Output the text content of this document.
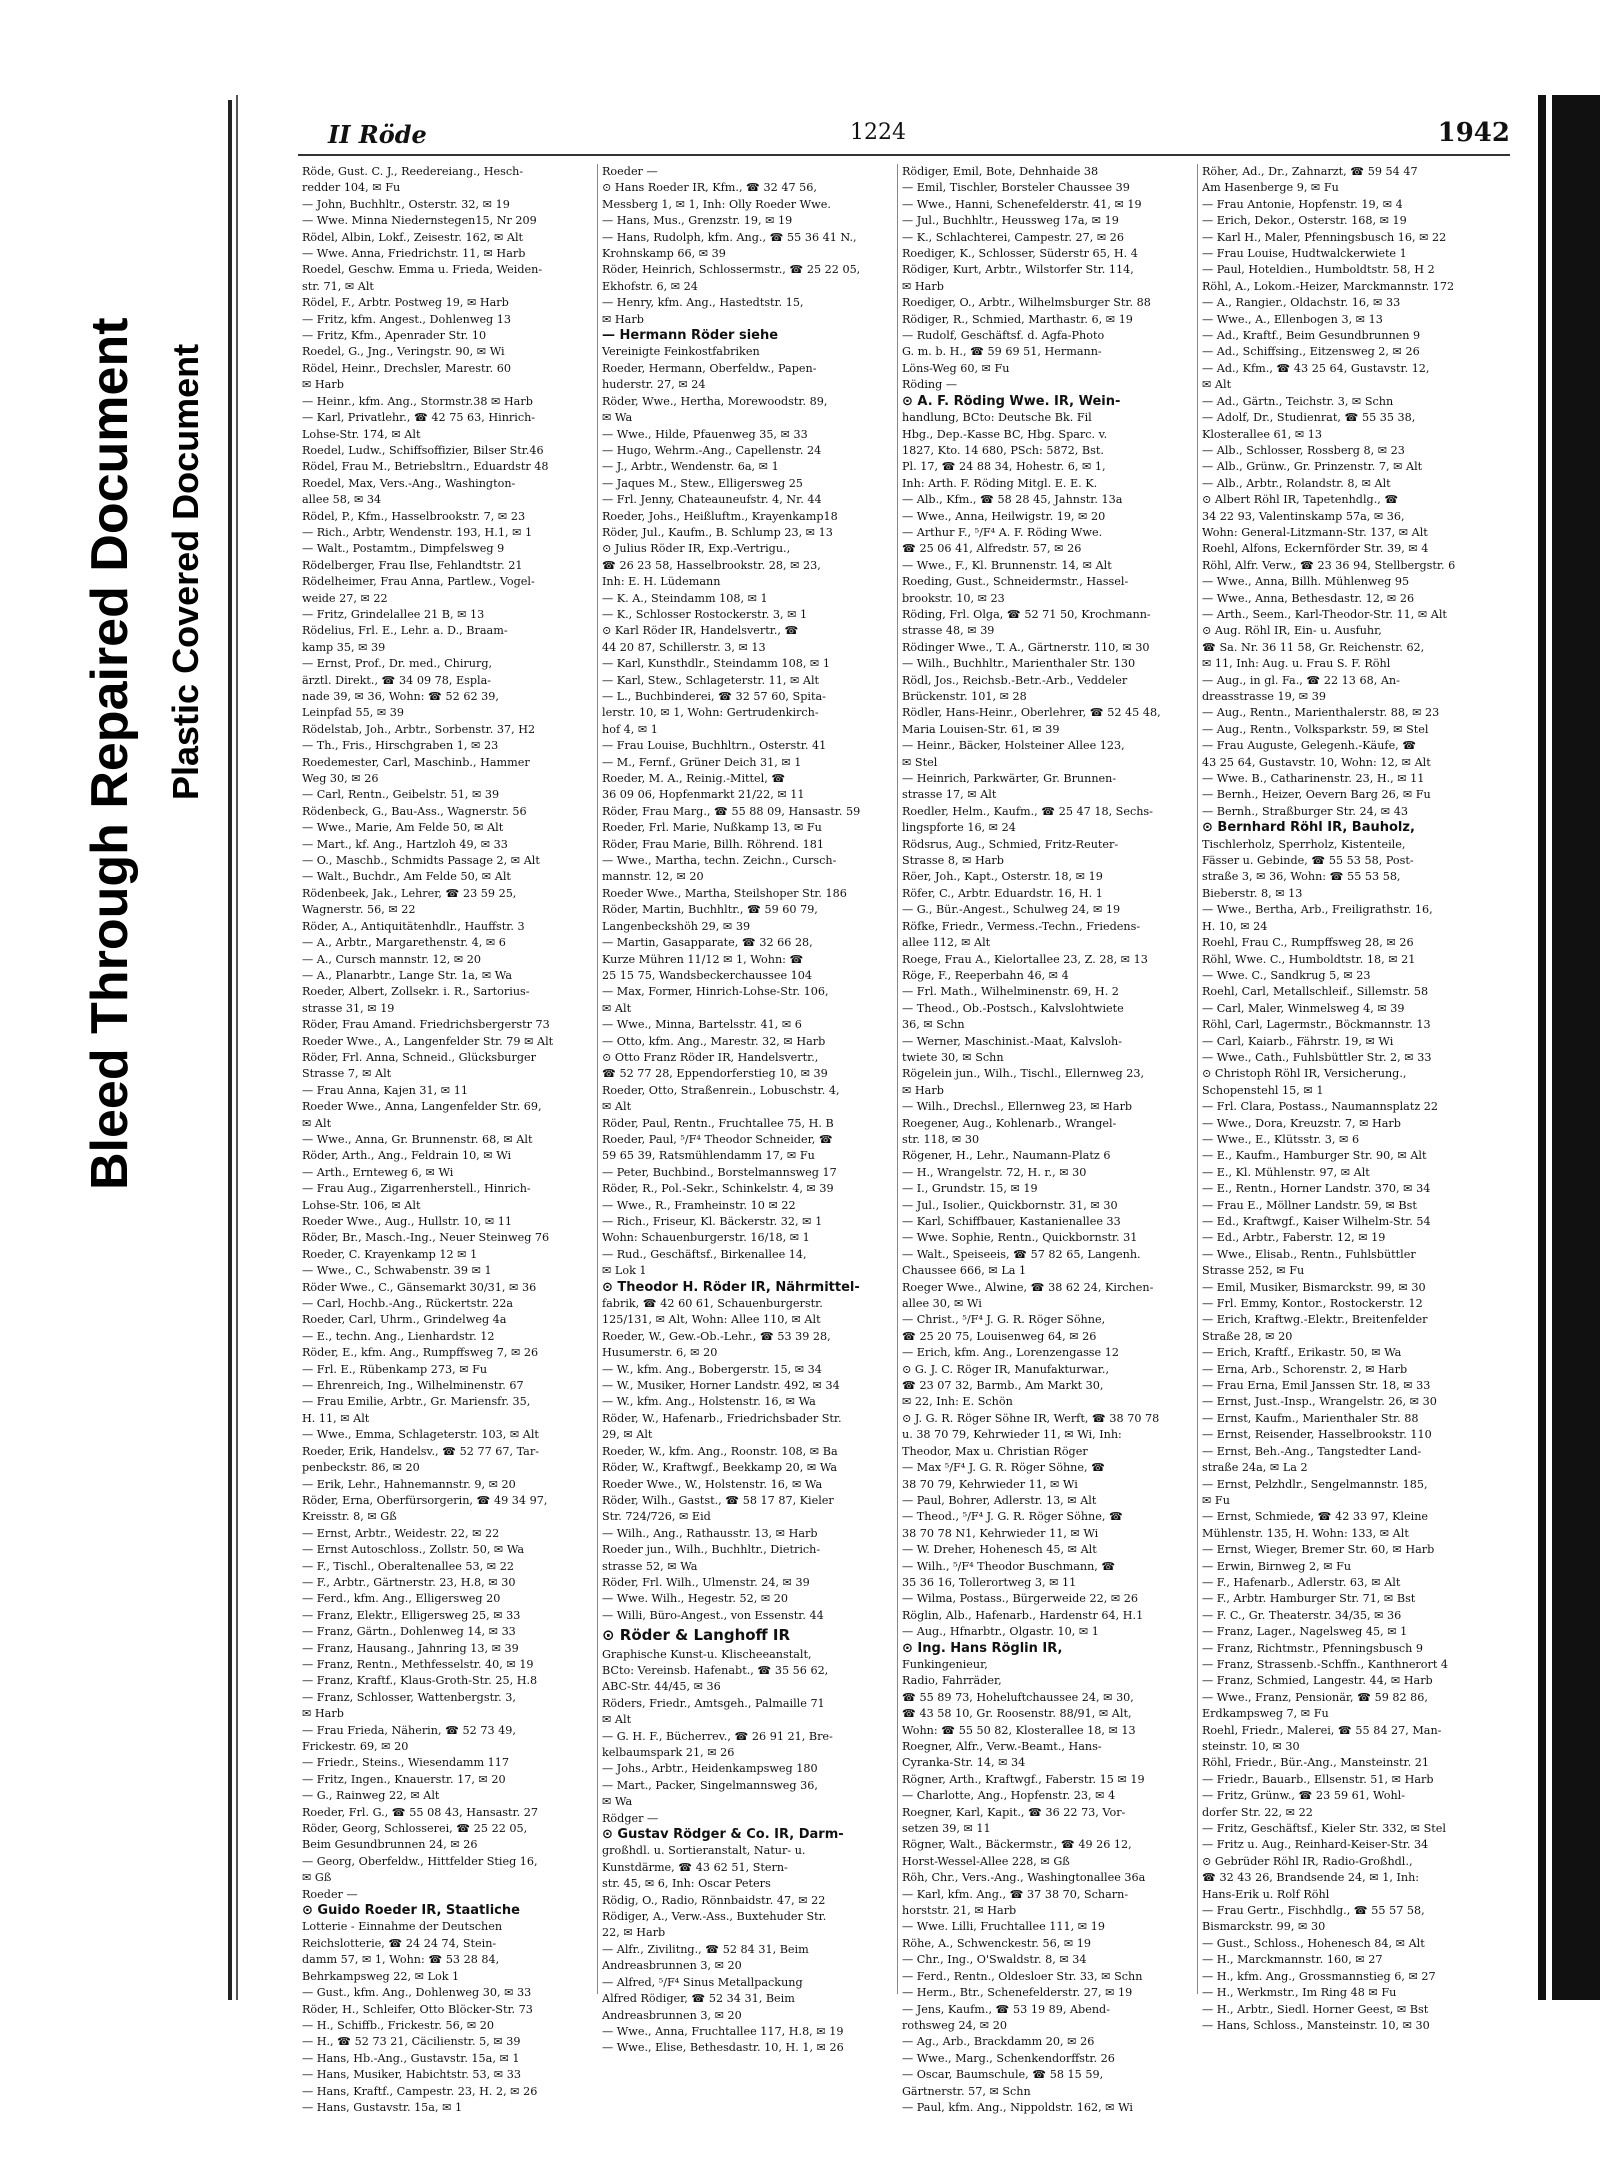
Bleed Through Repaired Document Plastic Covered Document
II Röde	1224	1942
Röde, Gust. C. J., Reedereiang., Hesch-
redder 104, ✉ Fu
— John, Buchhltr., Osterstr. 32, ✉ 19
— Wwe. Minna Niedernstegen15, Nr 209
Rödel, Albin, Lokf., Zeisestr. 162, ✉ Alt
— Wwe. Anna, Friedrichstr. 11, ✉ Harb
Roedel, Geschw. Emma u. Frieda, Weiden-
str. 71, ✉ Alt
Rödel, F., Arbtr. Postweg 19, ✉ Harb
— Fritz, kfm. Angest., Dohlenweg 13
— Fritz, Kfm., Apenrader Str. 10
Roedel, G., Jng., Veringstr. 90, ✉ Wi
Rödel, Heinr., Drechsler, Marestr. 60
✉ Harb
— Heinr., kfm. Ang., Stormstr.38 ✉ Harb
— Karl, Privatlehr., ☎ 42 75 63, Hinrich-
Lohse-Str. 174, ✉ Alt
Roedel, Ludw., Schiffsoffizier, Bilser Str.46
Rödel, Frau M., Betriebsltrn., Eduardstr 48
Roedel, Max, Vers.-Ang., Washington-
allee 58, ✉ 34
Rödel, P., Kfm., Hasselbrookstr. 7, ✉ 23
— Rich., Arbtr, Wendenstr. 193, H.1, ✉ 1
— Walt., Postamtm., Dimpfelsweg 9
Rödelberger, Frau Ilse, Fehlandtstr. 21
Rödelheimer, Frau Anna, Partlew., Vogel-
weide 27, ✉ 22
— Fritz, Grindelallee 21 B, ✉ 13
Rödelius, Frl. E., Lehr. a. D., Braam-
kamp 35, ✉ 39
— Ernst, Prof., Dr. med., Chirurg,
ärztl. Direkt., ☎ 34 09 78, Espla-
nade 39, ✉ 36, Wohn: ☎ 52 62 39,
Leinpfad 55, ✉ 39
Rödelstab, Joh., Arbtr., Sorbenstr. 37, H2
— Th., Fris., Hirschgraben 1, ✉ 23
Roedemester, Carl, Maschinb., Hammer
Weg 30, ✉ 26
— Carl, Rentn., Geibelstr. 51, ✉ 39
Rödenbeck, G., Bau-Ass., Wagnerstr. 56
— Wwe., Marie, Am Felde 50, ✉ Alt
— Mart., kf. Ang., Hartzloh 49, ✉ 33
— O., Maschb., Schmidts Passage 2, ✉ Alt
— Walt., Buchdr., Am Felde 50, ✉ Alt
Rödenbeek, Jak., Lehrer, ☎ 23 59 25,
Wagnerstr. 56, ✉ 22
Röder, A., Antiquitätenhdlr., Hauffstr. 3
— A., Arbtr., Margarethenstr. 4, ✉ 6
— A., Cursch mannstr. 12, ✉ 20
— A., Planarbtr., Lange Str. 1a, ✉ Wa
Roeder, Albert, Zollsekr. i. R., Sartorius-
strasse 31, ✉ 19
Röder, Frau Amand. Friedrichsbergerstr 73
Roeder Wwe., A., Langenfelder Str. 79 ✉ Alt
Röder, Frl. Anna, Schneid., Glücksburger
Strasse 7, ✉ Alt
— Frau Anna, Kajen 31, ✉ 11
Roeder Wwe., Anna, Langenfelder Str. 69,
✉ Alt
— Wwe., Anna, Gr. Brunnenstr. 68, ✉ Alt
Röder, Arth., Ang., Feldrain 10, ✉ Wi
— Arth., Ernteweg 6, ✉ Wi
— Frau Aug., Zigarrenherstell., Hinrich-
Lohse-Str. 106, ✉ Alt
Roeder Wwe., Aug., Hullstr. 10, ✉ 11
Röder, Br., Masch.-Ing., Neuer Steinweg 76
Roeder, C. Krayenkamp 12 ✉ 1
— Wwe., C., Schwabenstr. 39 ✉ 1
Röder Wwe., C., Gänsemarkt 30/31, ✉ 36
— Carl, Hochb.-Ang., Rückertstr. 22a
Roeder, Carl, Uhrm., Grindelweg 4a
— E., techn. Ang., Lienhardstr. 12
Röder, E., kfm. Ang., Rumpffsweg 7, ✉ 26
— Frl. E., Rübenkamp 273, ✉ Fu
— Ehrenreich, Ing., Wilhelminenstr. 67
— Frau Emilie, Arbtr., Gr. Mariensfr. 35,
H. 11, ✉ Alt
— Wwe., Emma, Schlageterstr. 103, ✉ Alt
Roeder, Erik, Handelsv., ☎ 52 77 67, Tar-
penbeckstr. 86, ✉ 20
— Erik, Lehr., Hahnemannstr. 9, ✉ 20
Röder, Erna, Oberfürsorgerin, ☎ 49 34 97,
Kreisstr. 8, ✉ Gß
— Ernst, Arbtr., Weidestr. 22, ✉ 22
— Ernst Autoschloss., Zollstr. 50, ✉ Wa
— F., Tischl., Oberaltenallee 53, ✉ 22
— F., Arbtr., Gärtnerstr. 23, H.8, ✉ 30
— Ferd., kfm. Ang., Elligersweg 20
— Franz, Elektr., Elligersweg 25, ✉ 33
— Franz, Gärtn., Dohlenweg 14, ✉ 33
— Franz, Hausang., Jahnring 13, ✉ 39
— Franz, Rentn., Methfesselstr. 40, ✉ 19
— Franz, Kraftf., Klaus-Groth-Str. 25, H.8
— Franz, Schlosser, Wattenbergstr. 3,
✉ Harb
— Frau Frieda, Näherin, ☎ 52 73 49,
Frickestr. 69, ✉ 20
— Friedr., Steins., Wiesendamm 117
— Fritz, Ingen., Knauerstr. 17, ✉ 20
— G., Rainweg 22, ✉ Alt
Roeder, Frl. G., ☎ 55 08 43, Hansastr. 27
Röder, Georg, Schlosserei, ☎ 25 22 05,
Beim Gesundbrunnen 24, ✉ 26
— Georg, Oberfeldw., Hittfelder Stieg 16,
✉ Gß
Roeder —
⊙ Guido Roeder IR, Staatliche
Lotterie - Einnahme der Deutschen
Reichslotterie, ☎ 24 24 74, Stein-
damm 57, ✉ 1, Wohn: ☎ 53 28 84,
Behrkampsweg 22, ✉ Lok 1
— Gust., kfm. Ang., Dohlenweg 30, ✉ 33
Röder, H., Schleifer, Otto Blöcker-Str. 73
— H., Schiffb., Frickestr. 56, ✉ 20
— H., ☎ 52 73 21, Cäcilienstr. 5, ✉ 39
— Hans, Hb.-Ang., Gustavstr. 15a, ✉ 1
— Hans, Musiker, Habichtstr. 53, ✉ 33
— Hans, Kraftf., Campestr. 23, H. 2, ✉ 26
— Hans, Gustavstr. 15a, ✉ 1
Roeder —
⊙ Hans Roeder IR, Kfm., ☎ 32 47 56,
Messberg 1, ✉ 1, Inh: Olly Roeder Wwe.
— Hans, Mus., Grenzstr. 19, ✉ 19
— Hans, Rudolph, kfm. Ang., ☎ 55 36 41 N.,
Krohnskamp 66, ✉ 39
Röder, Heinrich, Schlossermstr., ☎ 25 22 05,
Ekhofstr. 6, ✉ 24
— Henry, kfm. Ang., Hastedtstr. 15,
✉ Harb
— Hermann Röder siehe
Vereinigte Feinkostfabriken
Roeder, Hermann, Oberfeldw., Papen-
huderstr. 27, ✉ 24
Röder, Wwe., Hertha, Morewoodstr. 89,
✉ Wa
— Wwe., Hilde, Pfauenweg 35, ✉ 33
— Hugo, Wehrm.-Ang., Capellenstr. 24
— J., Arbtr., Wendenstr. 6a, ✉ 1
— Jaques M., Stew., Elligersweg 25
— Frl. Jenny, Chateauneufstr. 4, Nr. 44
Roeder, Johs., Heißluftm., Krayenkamp18
Röder, Jul., Kaufm., B. Schlump 23, ✉ 13
⊙ Julius Röder IR, Exp.-Vertrigu.,
☎ 26 23 58, Hasselbrookstr. 28, ✉ 23,
Inh: E. H. Lüdemann
— K. A., Steindamm 108, ✉ 1
— K., Schlosser Rostockerstr. 3, ✉ 1
⊙ Karl Röder IR, Handelsvertr., ☎
44 20 87, Schillerstr. 3, ✉ 13
— Karl, Kunsthdlr., Steindamm 108, ✉ 1
— Karl, Stew., Schlageterstr. 11, ✉ Alt
— L., Buchbinderei, ☎ 32 57 60, Spita-
lerstr. 10, ✉ 1, Wohn: Gertrudenkirch-
hof 4, ✉ 1
— Frau Louise, Buchhltrn., Osterstr. 41
— M., Fernf., Grüner Deich 31, ✉ 1
Roeder, M. A., Reinig.-Mittel, ☎
36 09 06, Hopfenmarkt 21/22, ✉ 11
Röder, Frau Marg., ☎ 55 88 09, Hansastr. 59
Roeder, Frl. Marie, Nußkamp 13, ✉ Fu
Röder, Frau Marie, Billh. Röhrend. 181
— Wwe., Martha, techn. Zeichn., Cursch-
mannstr. 12, ✉ 20
Roeder Wwe., Martha, Steilshoper Str. 186
Röder, Martin, Buchhltr., ☎ 59 60 79,
Langenbeckshöh 29, ✉ 39
— Martin, Gasapparate, ☎ 32 66 28,
Kurze Mühren 11/12 ✉ 1, Wohn: ☎
25 15 75, Wandsbeckerchaussee 104
— Max, Former, Hinrich-Lohse-Str. 106,
✉ Alt
— Wwe., Minna, Bartelsstr. 41, ✉ 6
— Otto, kfm. Ang., Marestr. 32, ✉ Harb
⊙ Otto Franz Röder IR, Handelsvertr.,
☎ 52 77 28, Eppendorferstieg 10, ✉ 39
Roeder, Otto, Straßenrein., Lobuschstr. 4,
✉ Alt
Röder, Paul, Rentn., Fruchtallee 75, H. B
Roeder, Paul, ⁵/F⁴ Theodor Schneider, ☎
59 65 39, Ratsmühlendamm 17, ✉ Fu
— Peter, Buchbind., Borstelmannsweg 17
Röder, R., Pol.-Sekr., Schinkelstr. 4, ✉ 39
— Wwe., R., Framheinstr. 10 ✉ 22
— Rich., Friseur, Kl. Bäckerstr. 32, ✉ 1
Wohn: Schauenburgerstr. 16/18, ✉ 1
— Rud., Geschäftsf., Birkenallee 14,
✉ Lok 1
⊙ Theodor H. Röder IR, Nährmittel-
fabrik, ☎ 42 60 61, Schauenburgerstr.
125/131, ✉ Alt, Wohn: Allee 110, ✉ Alt
Roeder, W., Gew.-Ob.-Lehr., ☎ 53 39 28,
Husumerstr. 6, ✉ 20
— W., kfm. Ang., Bobergerstr. 15, ✉ 34
— W., Musiker, Horner Landstr. 492, ✉ 34
— W., kfm. Ang., Holstenstr. 16, ✉ Wa
Röder, W., Hafenarb., Friedrichsbader Str.
29, ✉ Alt
Roeder, W., kfm. Ang., Roonstr. 108, ✉ Ba
Röder, W., Kraftwgf., Beekkamp 20, ✉ Wa
Roeder Wwe., W., Holstenstr. 16, ✉ Wa
Röder, Wilh., Gastst., ☎ 58 17 87, Kieler
Str. 724/726, ✉ Eid
— Wilh., Ang., Rathausstr. 13, ✉ Harb
Roeder jun., Wilh., Buchhltr., Dietrich-
strasse 52, ✉ Wa
Röder, Frl. Wilh., Ulmenstr. 24, ✉ 39
— Wwe. Wilh., Hegestr. 52, ✉ 20
— Willi, Büro-Angest., von Essenstr. 44
⊙ Röder & Langhoff IR
Graphische Kunst-u. Klischeeanstalt,
BCto: Vereinsb. Hafenabt., ☎ 35 56 62,
ABC-Str. 44/45, ✉ 36
Röders, Friedr., Amtsgeh., Palmaille 71
✉ Alt
— G. H. F., Bücherrev., ☎ 26 91 21, Bre-
kelbaumspark 21, ✉ 26
— Johs., Arbtr., Heidenkampsweg 180
— Mart., Packer, Singelmannsweg 36,
✉ Wa
Rödger —
⊙ Gustav Rödger & Co. IR, Darm-
großhdl. u. Sortieranstalt, Natur- u.
Kunstdärme, ☎ 43 62 51, Stern-
str. 45, ✉ 6, Inh: Oscar Peters
Rödig, O., Radio, Rönnbaidstr. 47, ✉ 22
Rödiger, A., Verw.-Ass., Buxtehuder Str.
22, ✉ Harb
— Alfr., Zivilitng., ☎ 52 84 31, Beim
Andreasbrunnen 3, ✉ 20
— Alfred, ⁵/F⁴ Sinus Metallpackung
Alfred Rödiger, ☎ 52 34 31, Beim
Andreasbrunnen 3, ✉ 20
— Wwe., Anna, Fruchtallee 117, H.8, ✉ 19
— Wwe., Elise, Bethesdastr. 10, H. 1, ✉ 26
Rödiger, Emil, Bote, Dehnhaide 38
— Emil, Tischler, Borsteler Chaussee 39
— Wwe., Hanni, Schenefelderstr. 41, ✉ 19
— Jul., Buchhltr., Heussweg 17a, ✉ 19
— K., Schlachterei, Campestr. 27, ✉ 26
Roediger, K., Schlosser, Süderstr 65, H. 4
Rödiger, Kurt, Arbtr., Wilstorfer Str. 114,
✉ Harb
Roediger, O., Arbtr., Wilhelmsburger Str. 88
Rödiger, R., Schmied, Marthastr. 6, ✉ 19
— Rudolf, Geschäftsf. d. Agfa-Photo
G. m. b. H., ☎ 59 69 51, Hermann-
Löns-Weg 60, ✉ Fu
Röding —
⊙ A. F. Röding Wwe. IR, Wein-
handlung, BCto: Deutsche Bk. Fil
Hbg., Dep.-Kasse BC, Hbg. Sparc. v.
1827, Kto. 14 680, PSch: 5872, Bst.
Pl. 17, ☎ 24 88 34, Hohestr. 6, ✉ 1,
Inh: Arth. F. Röding Mitgl. E. E. K.
— Alb., Kfm., ☎ 58 28 45, Jahnstr. 13a
— Wwe., Anna, Heilwigstr. 19, ✉ 20
— Arthur F., ⁵/F⁴ A. F. Röding Wwe.
☎ 25 06 41, Alfredstr. 57, ✉ 26
— Wwe., F., Kl. Brunnenstr. 14, ✉ Alt
Roeding, Gust., Schneidermstr., Hassel-
brookstr. 10, ✉ 23
Röding, Frl. Olga, ☎ 52 71 50, Krochmann-
strasse 48, ✉ 39
Rödinger Wwe., T. A., Gärtnerstr. 110, ✉ 30
— Wilh., Buchhltr., Marienthaler Str. 130
Rödl, Jos., Reichsb.-Betr.-Arb., Veddeler
Brückenstr. 101, ✉ 28
Rödler, Hans-Heinr., Oberlehrer, ☎ 52 45 48,
Maria Louisen-Str. 61, ✉ 39
— Heinr., Bäcker, Holsteiner Allee 123,
✉ Stel
— Heinrich, Parkwärter, Gr. Brunnen-
strasse 17, ✉ Alt
Roedler, Helm., Kaufm., ☎ 25 47 18, Sechs-
lingspforte 16, ✉ 24
Rödsrus, Aug., Schmied, Fritz-Reuter-
Strasse 8, ✉ Harb
Röer, Joh., Kapt., Osterstr. 18, ✉ 19
Röfer, C., Arbtr. Eduardstr. 16, H. 1
— G., Bür.-Angest., Schulweg 24, ✉ 19
Röfke, Friedr., Vermess.-Techn., Friedens-
allee 112, ✉ Alt
Roege, Frau A., Kielortallee 23, Z. 28, ✉ 13
Röge, F., Reeperbahn 46, ✉ 4
— Frl. Math., Wilhelminenstr. 69, H. 2
— Theod., Ob.-Postsch., Kalvslohtwiete
36, ✉ Schn
— Werner, Maschinist.-Maat, Kalvsloh-
twiete 30, ✉ Schn
Rögelein jun., Wilh., Tischl., Ellernweg 23,
✉ Harb
— Wilh., Drechsl., Ellernweg 23, ✉ Harb
Roegener, Aug., Kohlenarb., Wrangel-
str. 118, ✉ 30
Rögener, H., Lehr., Naumann-Platz 6
— H., Wrangelstr. 72, H. r., ✉ 30
— I., Grundstr. 15, ✉ 19
— Jul., Isolier., Quickbornstr. 31, ✉ 30
— Karl, Schiffbauer, Kastanienallee 33
— Wwe. Sophie, Rentn., Quickbornstr. 31
— Walt., Speiseeis, ☎ 57 82 65, Langenh.
Chaussee 666, ✉ La 1
Roeger Wwe., Alwine, ☎ 38 62 24, Kirchen-
allee 30, ✉ Wi
— Christ., ⁵/F⁴ J. G. R. Röger Söhne,
☎ 25 20 75, Louisenweg 64, ✉ 26
— Erich, kfm. Ang., Lorenzengasse 12
⊙ G. J. C. Röger IR, Manufakturwar.,
☎ 23 07 32, Barmb., Am Markt 30,
✉ 22, Inh: E. Schön
⊙ J. G. R. Röger Söhne IR, Werft, ☎ 38 70 78
u. 38 70 79, Kehrwieder 11, ✉ Wi, Inh:
Theodor, Max u. Christian Röger
— Max ⁵/F⁴ J. G. R. Röger Söhne, ☎
38 70 79, Kehrwieder 11, ✉ Wi
— Paul, Bohrer, Adlerstr. 13, ✉ Alt
— Theod., ⁵/F⁴ J. G. R. Röger Söhne, ☎
38 70 78 N1, Kehrwieder 11, ✉ Wi
— W. Dreher, Hohenesch 45, ✉ Alt
— Wilh., ⁵/F⁴ Theodor Buschmann, ☎
35 36 16, Tollerortweg 3, ✉ 11
— Wilma, Postass., Bürgerweide 22, ✉ 26
Röglin, Alb., Hafenarb., Hardenstr 64, H.1
— Aug., Hfnarbtr., Olgastr. 10, ✉ 1
⊙ Ing. Hans Röglin IR,
Funkingenieur,
Radio, Fahrräder,
☎ 55 89 73, Hoheluftchaussee 24, ✉ 30,
☎ 43 58 10, Gr. Roosenstr. 88/91, ✉ Alt,
Wohn: ☎ 55 50 82, Klosterallee 18, ✉ 13
Roegner, Alfr., Verw.-Beamt., Hans-
Cyranka-Str. 14, ✉ 34
Rögner, Arth., Kraftwgf., Faberstr. 15 ✉ 19
— Charlotte, Ang., Hopfenstr. 23, ✉ 4
Roegner, Karl, Kapit., ☎ 36 22 73, Vor-
setzen 39, ✉ 11
Rögner, Walt., Bäckermstr., ☎ 49 26 12,
Horst-Wessel-Allee 228, ✉ Gß
Röh, Chr., Vers.-Ang., Washingtonallee 36a
— Karl, kfm. Ang., ☎ 37 38 70, Scharn-
horststr. 21, ✉ Harb
— Wwe. Lilli, Fruchtallee 111, ✉ 19
Röhe, A., Schwenckestr. 56, ✉ 19
— Chr., Ing., O'Swaldstr. 8, ✉ 34
— Ferd., Rentn., Oldesloer Str. 33, ✉ Schn
— Herm., Btr., Schenefelderstr. 27, ✉ 19
— Jens, Kaufm., ☎ 53 19 89, Abend-
rothsweg 24, ✉ 20
— Ag., Arb., Brackdamm 20, ✉ 26
— Wwe., Marg., Schenkendorffstr. 26
— Oscar, Baumschule, ☎ 58 15 59,
Gärtnerstr. 57, ✉ Schn
— Paul, kfm. Ang., Nippoldstr. 162, ✉ Wi
Röher, Ad., Dr., Zahnarzt, ☎ 59 54 47
Am Hasenberge 9, ✉ Fu
— Frau Antonie, Hopfenstr. 19, ✉ 4
— Erich, Dekor., Osterstr. 168, ✉ 19
— Karl H., Maler, Pfenningsbusch 16, ✉ 22
— Frau Louise, Hudtwalckerwiete 1
— Paul, Hoteldien., Humboldtstr. 58, H 2
Röhl, A., Lokom.-Heizer, Marckmannstr. 172
— A., Rangier., Oldachstr. 16, ✉ 33
— Wwe., A., Ellenbogen 3, ✉ 13
— Ad., Kraftf., Beim Gesundbrunnen 9
— Ad., Schiffsing., Eitzensweg 2, ✉ 26
— Ad., Kfm., ☎ 43 25 64, Gustavstr. 12,
✉ Alt
— Ad., Gärtn., Teichstr. 3, ✉ Schn
— Adolf, Dr., Studienrat, ☎ 55 35 38,
Klosterallee 61, ✉ 13
— Alb., Schlosser, Rossberg 8, ✉ 23
— Alb., Grünw., Gr. Prinzenstr. 7, ✉ Alt
— Alb., Arbtr., Rolandstr. 8, ✉ Alt
⊙ Albert Röhl IR, Tapetenhdlg., ☎
34 22 93, Valentinskamp 57a, ✉ 36,
Wohn: General-Litzmann-Str. 137, ✉ Alt
Roehl, Alfons, Eckernförder Str. 39, ✉ 4
Röhl, Alfr. Verw., ☎ 23 36 94, Stellbergstr. 6
— Wwe., Anna, Billh. Mühlenweg 95
— Wwe., Anna, Bethesdastr. 12, ✉ 26
— Arth., Seem., Karl-Theodor-Str. 11, ✉ Alt
⊙ Aug. Röhl IR, Ein- u. Ausfuhr,
☎ Sa. Nr. 36 11 58, Gr. Reichenstr. 62,
✉ 11, Inh: Aug. u. Frau S. F. Röhl
— Aug., in gl. Fa., ☎ 22 13 68, An-
dreasstrasse 19, ✉ 39
— Aug., Rentn., Marienthalerstr. 88, ✉ 23
— Aug., Rentn., Volksparkstr. 59, ✉ Stel
— Frau Auguste, Gelegenh.-Käufe, ☎
43 25 64, Gustavstr. 10, Wohn: 12, ✉ Alt
— Wwe. B., Catharinenstr. 23, H., ✉ 11
— Bernh., Heizer, Oevern Barg 26, ✉ Fu
— Bernh., Straßburger Str. 24, ✉ 43
⊙ Bernhard Röhl IR, Bauholz,
Tischlerholz, Sperrholz, Kistenteile,
Fässer u. Gebinde, ☎ 55 53 58, Post-
straße 3, ✉ 36, Wohn: ☎ 55 53 58,
Bieberstr. 8, ✉ 13
— Wwe., Bertha, Arb., Freiligrathstr. 16,
H. 10, ✉ 24
Roehl, Frau C., Rumpffsweg 28, ✉ 26
Röhl, Wwe. C., Humboldtstr. 18, ✉ 21
— Wwe. C., Sandkrug 5, ✉ 23
Roehl, Carl, Metallschleif., Sillemstr. 58
— Carl, Maler, Winmelsweg 4, ✉ 39
Röhl, Carl, Lagermstr., Böckmannstr. 13
— Carl, Kaiarb., Fährstr. 19, ✉ Wi
— Wwe., Cath., Fuhlsbüttler Str. 2, ✉ 33
⊙ Christoph Röhl IR, Versicherung.,
Schopenstehl 15, ✉ 1
— Frl. Clara, Postass., Naumannsplatz 22
— Wwe., Dora, Kreuzstr. 7, ✉ Harb
— Wwe., E., Klütsstr. 3, ✉ 6
— E., Kaufm., Hamburger Str. 90, ✉ Alt
— E., Kl. Mühlenstr. 97, ✉ Alt
— E., Rentn., Horner Landstr. 370, ✉ 34
— Frau E., Möllner Landstr. 59, ✉ Bst
— Ed., Kraftwgf., Kaiser Wilhelm-Str. 54
— Ed., Arbtr., Faberstr. 12, ✉ 19
— Wwe., Elisab., Rentn., Fuhlsbüttler
Strasse 252, ✉ Fu
— Emil, Musiker, Bismarckstr. 99, ✉ 30
— Frl. Emmy, Kontor., Rostockerstr. 12
— Erich, Kraftwg.-Elektr., Breitenfelder
Straße 28, ✉ 20
— Erich, Kraftf., Erikastr. 50, ✉ Wa
— Erna, Arb., Schorenstr. 2, ✉ Harb
— Frau Erna, Emil Janssen Str. 18, ✉ 33
— Ernst, Just.-Insp., Wrangelstr. 26, ✉ 30
— Ernst, Kaufm., Marienthaler Str. 88
— Ernst, Reisender, Hasselbrookstr. 110
— Ernst, Beh.-Ang., Tangstedter Land-
straße 24a, ✉ La 2
— Ernst, Pelzhdlr., Sengelmannstr. 185,
✉ Fu
— Ernst, Schmiede, ☎ 42 33 97, Kleine
Mühlenstr. 135, H. Wohn: 133, ✉ Alt
— Ernst, Wieger, Bremer Str. 60, ✉ Harb
— Erwin, Birnweg 2, ✉ Fu
— F., Hafenarb., Adlerstr. 63, ✉ Alt
— F., Arbtr. Hamburger Str. 71, ✉ Bst
— F. C., Gr. Theaterstr. 34/35, ✉ 36
— Franz, Lager., Nagelsweg 45, ✉ 1
— Franz, Richtmstr., Pfenningsbusch 9
— Franz, Strassenb.-Schffn., Kanthnerort 4
— Franz, Schmied, Langestr. 44, ✉ Harb
— Wwe., Franz, Pensionär, ☎ 59 82 86,
Erdkampsweg 7, ✉ Fu
Roehl, Friedr., Malerei, ☎ 55 84 27, Man-
steinstr. 10, ✉ 30
Röhl, Friedr., Bür.-Ang., Mansteinstr. 21
— Friedr., Bauarb., Ellsenstr. 51, ✉ Harb
— Fritz, Grünw., ☎ 23 59 61, Wohl-
dorfer Str. 22, ✉ 22
— Fritz, Geschäftsf., Kieler Str. 332, ✉ Stel
— Fritz u. Aug., Reinhard-Keiser-Str. 34
⊙ Gebrüder Röhl IR, Radio-Großhdl.,
☎ 32 43 26, Brandsende 24, ✉ 1, Inh:
Hans-Erik u. Rolf Röhl
— Frau Gertr., Fischhdlg., ☎ 55 57 58,
Bismarckstr. 99, ✉ 30
— Gust., Schloss., Hohenesch 84, ✉ Alt
— H., Marckmannstr. 160, ✉ 27
— H., kfm. Ang., Grossmannstieg 6, ✉ 27
— H., Werkmstr., Im Ring 48 ✉ Fu
— H., Arbtr., Siedl. Horner Geest, ✉ Bst
— Hans, Schloss., Mansteinstr. 10, ✉ 30
